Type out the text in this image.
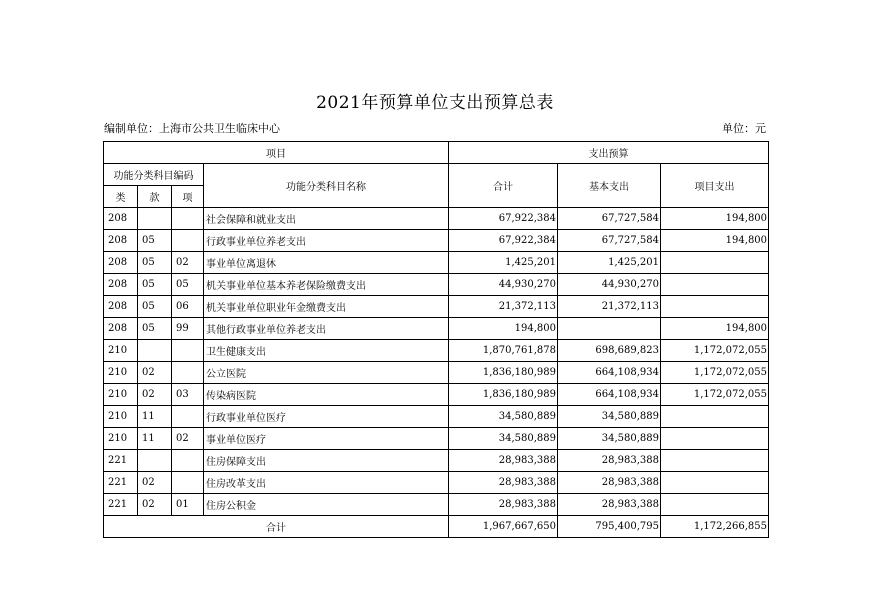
2021年预算单位支出预算总表
编制单位：上海市公共卫生临床中心	单位：元
项目				支出预算		
功能分类科目编码			功能分类科目名称	合计	基本支出	项目支出
类	款	项				
208			社会保障和就业支出	67,922,384	67,727,584	194,800
208	05		行政事业单位养老支出	67,922,384	67,727,584	194,800
208	05	02	事业单位离退休	1,425,201	1,425,201	
208	05	05	机关事业单位基本养老保险缴费支出	44,930,270	44,930,270	
208	05	06	机关事业单位职业年金缴费支出	21,372,113	21,372,113	
208	05	99	其他行政事业单位养老支出	194,800		194,800
210			卫生健康支出	1,870,761,878	698,689,823	1,172,072,055
210	02		公立医院	1,836,180,989	664,108,934	1,172,072,055
210	02	03	传染病医院	1,836,180,989	664,108,934	1,172,072,055
210	11		行政事业单位医疗	34,580,889	34,580,889	
210	11	02	事业单位医疗	34,580,889	34,580,889	
221			住房保障支出	28,983,388	28,983,388	
221	02		住房改革支出	28,983,388	28,983,388	
221	02	01	住房公积金	28,983,388	28,983,388	
合计				1,967,667,650	795,400,795	1,172,266,855
